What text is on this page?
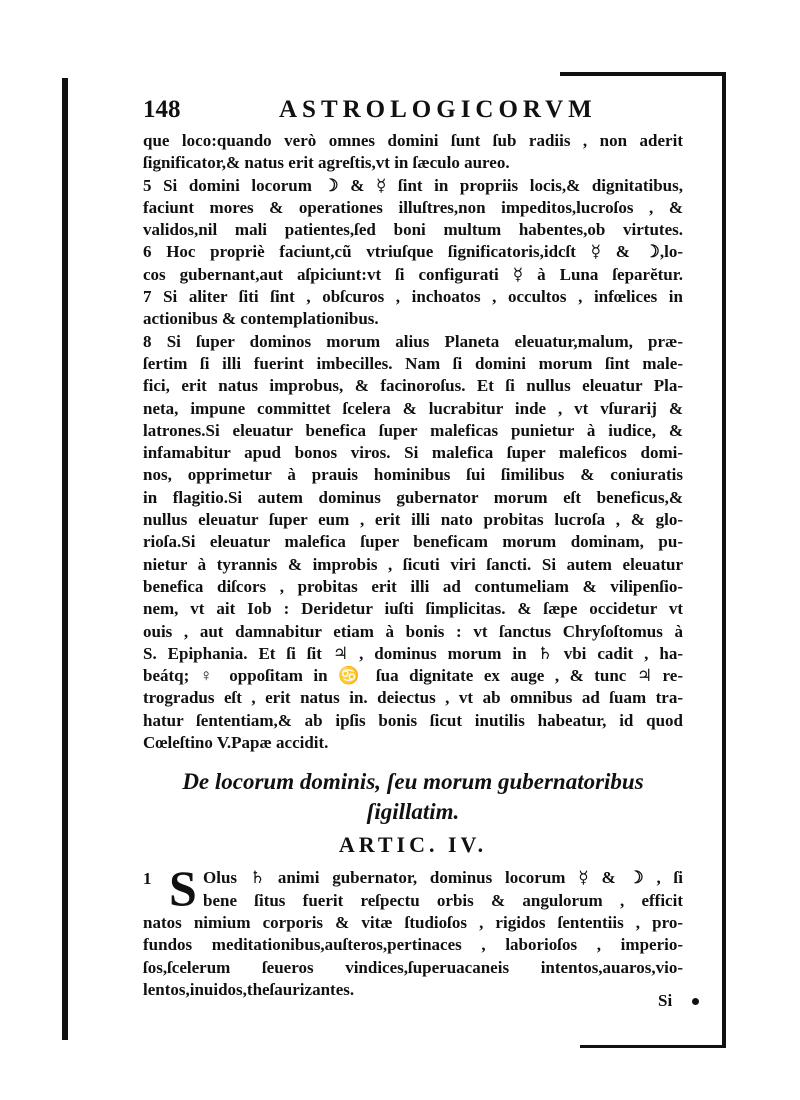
148	ASTROLOGICORVM
que loco:quando verò omnes domini ſunt ſub radiis , non aderit
ſignificator,& natus erit agreſtis,vt in ſæculo aureo.
5 Si domini locorum ☽ & ☿ ſint in propriis locis,& dignitatibus,
faciunt mores & operationes illuſtres,non impeditos,lucroſos , &
validos,nil mali patientes,ſed boni multum habentes,ob virtutes.
6 Hoc propriè faciunt,cũ vtriuſque ſignificatoris,idcſt ☿ & ☽,lo-
cos gubernant,aut aſpiciunt:vt ſi configurati ☿ à Luna ſeparĕtur.
7 Si aliter ſiti ſint , obſcuros , inchoatos , occultos , infœlices in
actionibus & contemplationibus.
8 Si ſuper dominos morum alius Planeta eleuatur,malum, præ-
ſertim ſi illi fuerint imbecilles. Nam ſi domini morum ſint male-
fici, erit natus improbus, & facinoroſus. Et ſi nullus eleuatur Pla-
neta, impune committet ſcelera & lucrabitur inde , vt vſurarij &
latrones.Si eleuatur benefica ſuper maleficas punietur à iudice, &
infamabitur apud bonos viros. Si malefica ſuper maleficos domi-
nos, opprimetur à prauis hominibus ſui ſimilibus & coniuratis
in flagitio.Si autem dominus gubernator morum eſt beneficus,&
nullus eleuatur ſuper eum , erit illi nato probitas lucroſa , & glo-
rioſa.Si eleuatur malefica ſuper beneficam morum dominam, pu-
nietur à tyrannis & improbis , ſicuti viri ſancti. Si autem eleuatur
benefica diſcors , probitas erit illi ad contumeliam & vilipenſio-
nem, vt ait Iob : Deridetur iuſti ſimplicitas. & ſæpe occidetur vt
ouis , aut damnabitur etiam à bonis : vt ſanctus Chryſoſtomus à
S. Epiphania. Et ſi ſit ♃ , dominus morum in ♄ vbi cadit , ha-
beátq; ♀ oppoſitam in ♋ ſua dignitate ex auge , & tunc ♃ re-
trogradus eſt , erit natus in. deiectus , vt ab omnibus ad ſuam tra-
hatur ſententiam,& ab ipſis bonis ſicut inutilis habeatur, id quod
Cœleſtino V.Papæ accidit.
De locorum dominis, ſeu morum gubernatoribus
ſigillatim.
ARTIC. IV.
1 S Olus ♄ animi gubernator, dominus locorum ☿ & ☽ , ſi
bene ſitus fuerit reſpectu orbis & angulorum , efficit
natos nimium corporis & vitæ ſtudioſos , rigidos ſententiis , pro-
fundos meditationibus,auſteros,pertinaces , laborioſos , imperio-
ſos,ſcelerum ſeueros vindices,ſuperuacaneis intentos,auaros,vio-
lentos,inuidos,theſaurizantes.
Si
